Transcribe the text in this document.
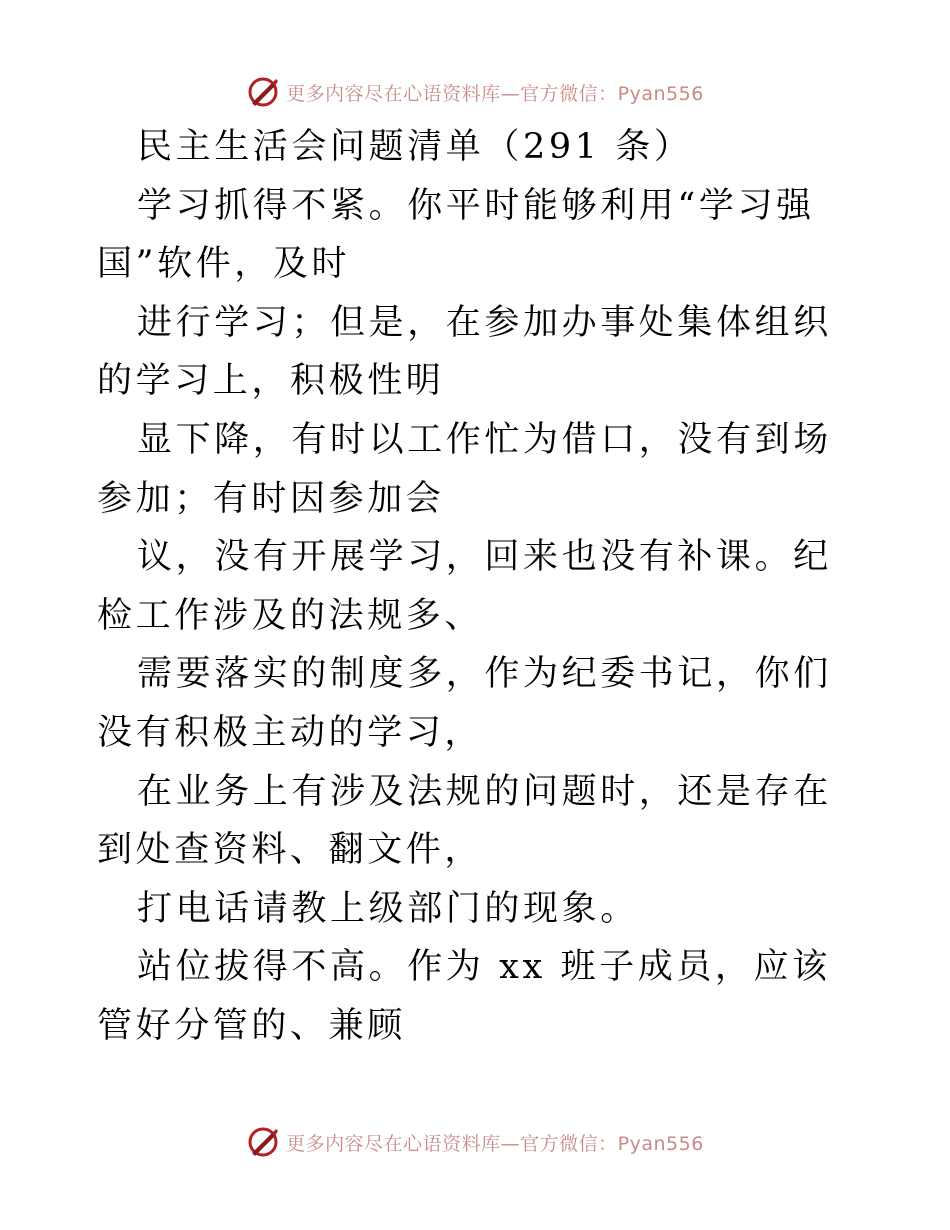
更多内容尽在心语资料库—官方微信：Pyan556

民主生活会问题清单（291 条）

学习抓得不紧。你平时能够利用“学习强国”软件，及时

进行学习；但是，在参加办事处集体组织的学习上，积极性明

显下降，有时以工作忙为借口，没有到场参加；有时因参加会

议，没有开展学习，回来也没有补课。纪检工作涉及的法规多、

需要落实的制度多，作为纪委书记，你们没有积极主动的学习，

在业务上有涉及法规的问题时，还是存在到处查资料、翻文件，

打电话请教上级部门的现象。

站位拔得不高。作为 xx 班子成员，应该管好分管的、兼顾

更多内容尽在心语资料库—官方微信：Pyan556
